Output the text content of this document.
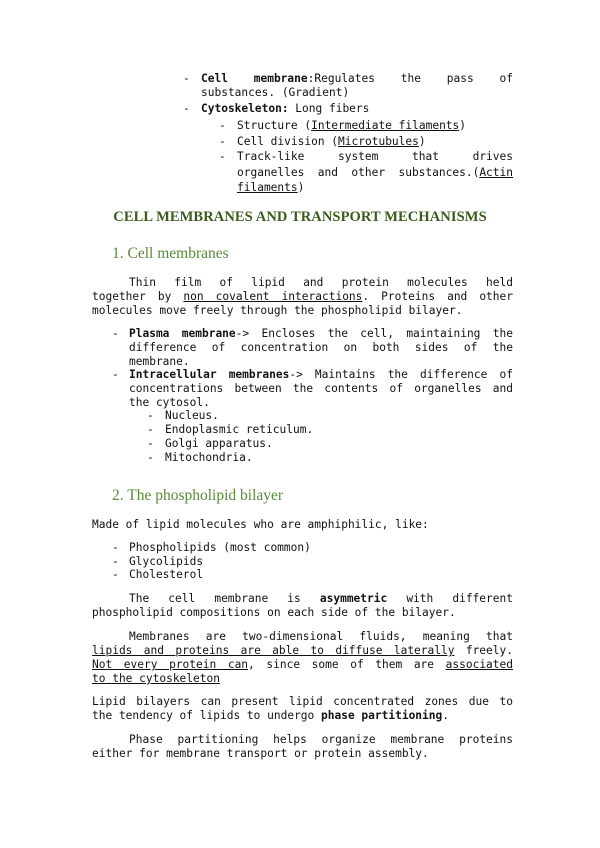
- Cell membrane:Regulates the pass of
substances. (Gradient)
- Cytoskeleton: Long fibers
- Structure (Intermediate filaments)
- Cell division (Microtubules)
- Track-like system that drives
organelles and other substances.(Actin
filaments)
CELL MEMBRANES AND TRANSPORT MECHANISMS
1. Cell membranes
Thin film of lipid and protein molecules held
together by non covalent interactions. Proteins and other
molecules move freely through the phospholipid bilayer.
- Plasma membrane-> Encloses the cell, maintaining the
difference of concentration on both sides of the
membrane.
- Intracellular membranes-> Maintains the difference of
concentrations between the contents of organelles and
the cytosol.
- Nucleus.
- Endoplasmic reticulum.
- Golgi apparatus.
- Mitochondria.
2. The phospholipid bilayer
Made of lipid molecules who are amphiphilic, like:
- Phospholipids (most common)
- Glycolipids
- Cholesterol
The cell membrane is asymmetric with different
phospholipid compositions on each side of the bilayer.
Membranes are two-dimensional fluids, meaning that
lipids and proteins are able to diffuse laterally freely.
Not every protein can, since some of them are associated
to the cytoskeleton
Lipid bilayers can present lipid concentrated zones due to
the tendency of lipids to undergo phase partitioning.
Phase partitioning helps organize membrane proteins
either for membrane transport or protein assembly.
